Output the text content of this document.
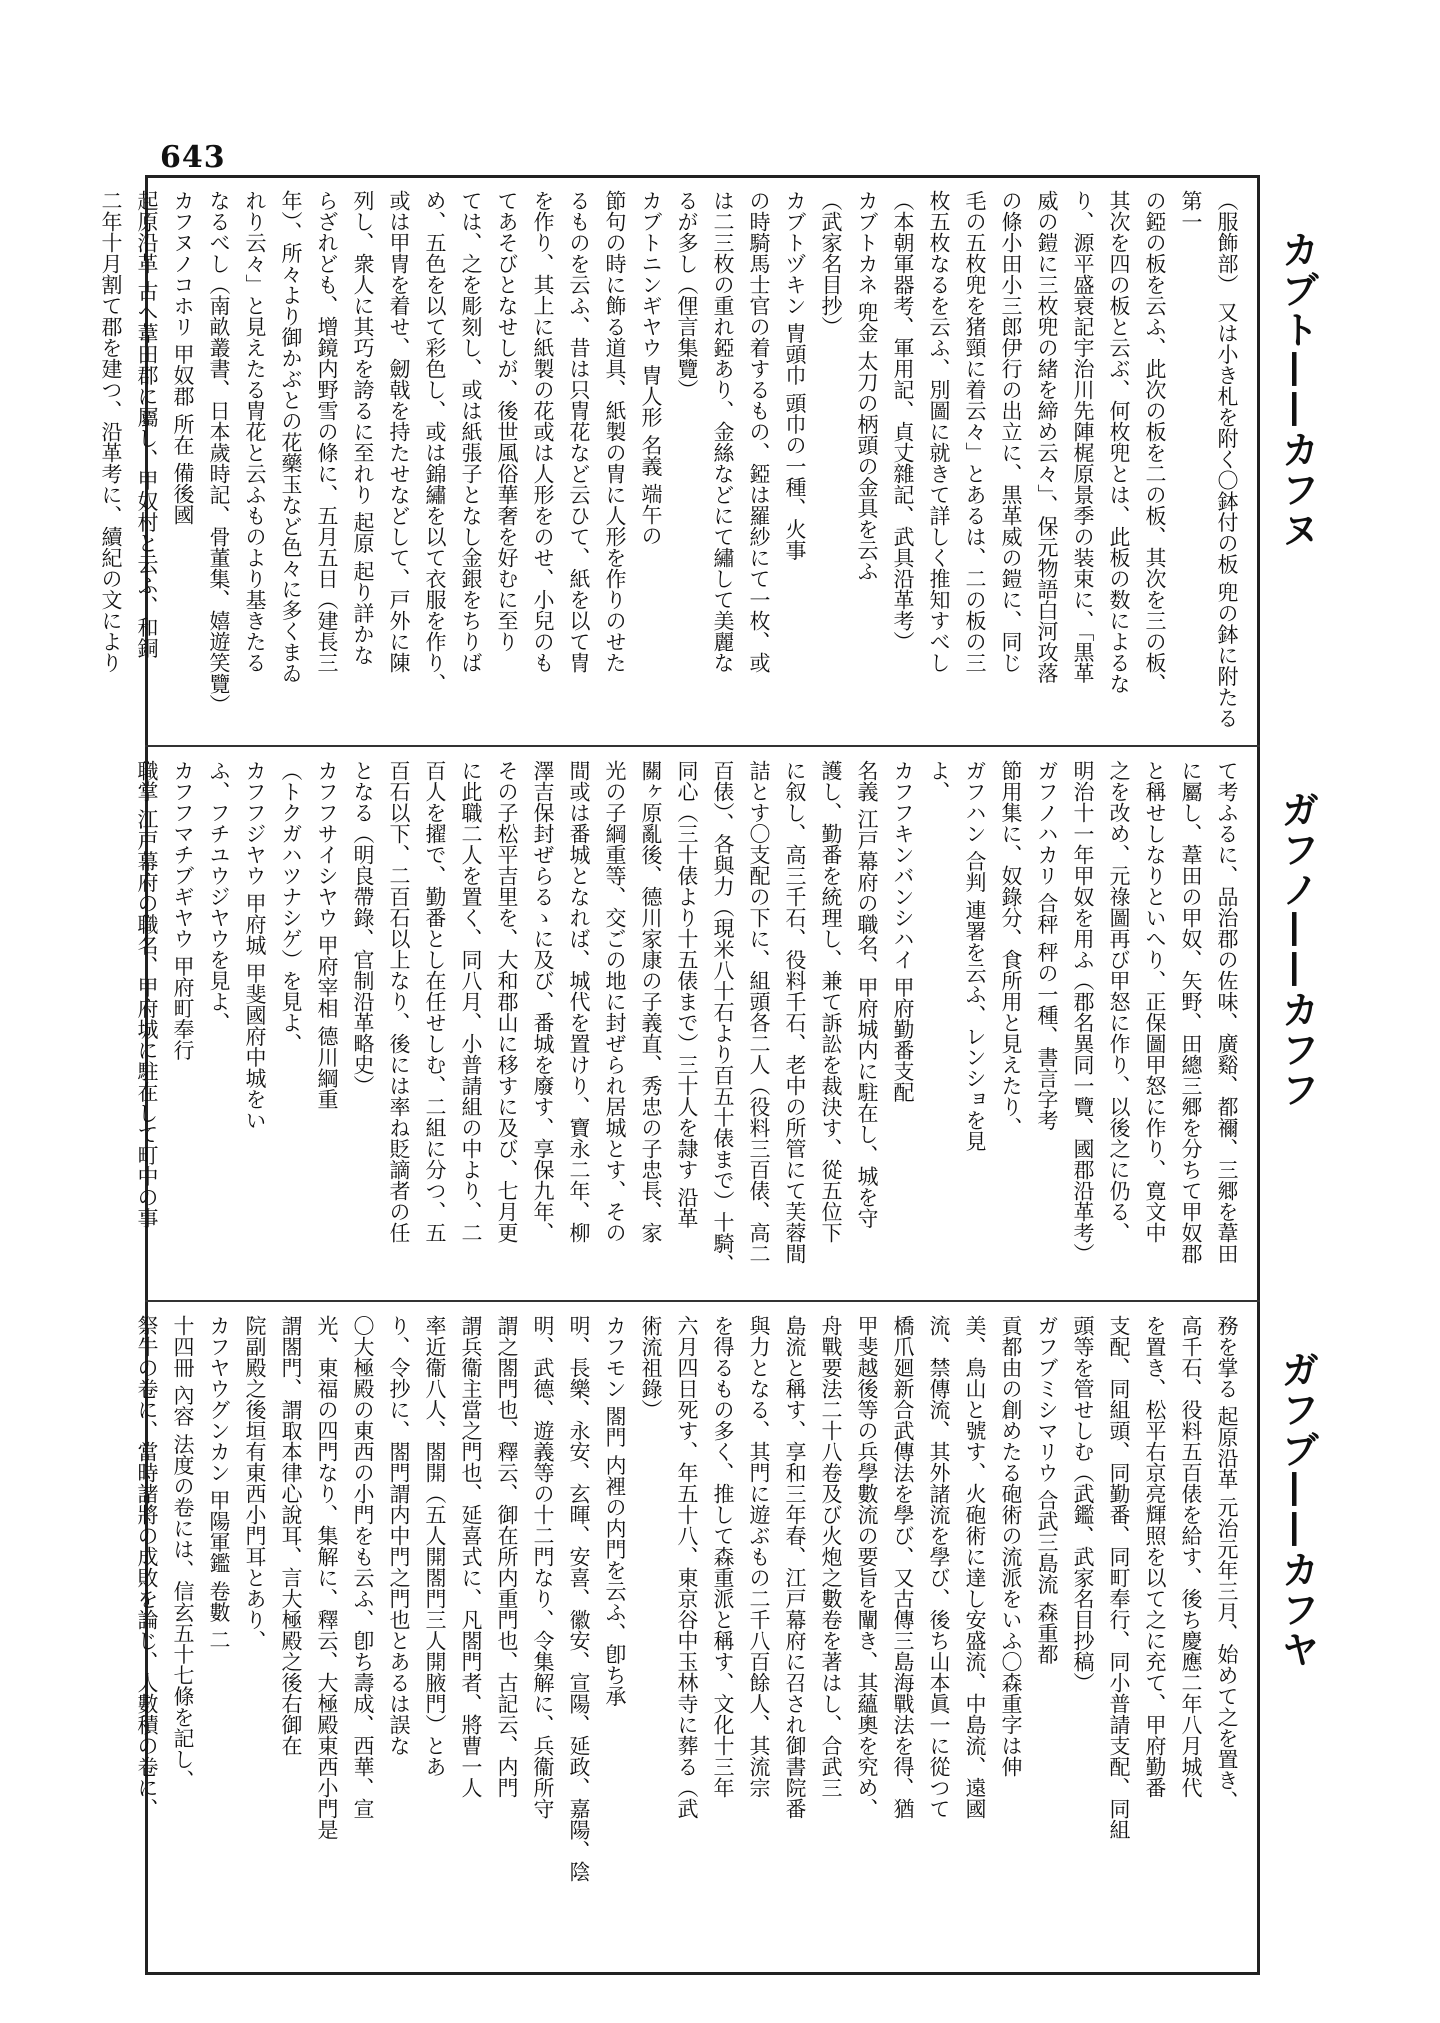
643
カブト——カフヌ
ガフノ——カフフ
ガフブ——カフヤ
（服飾部） 又は小き札を附く〇鉢付の板 兜の鉢に附たる第一
の錏の板を云ふ、此次の板を二の板、其次を三の板、
其次を四の板と云ぶ、何枚兜とは、此板の数によるな
り、源平盛衰記宇治川先陣梶原景季の装束に、「黒革
威の鎧に三枚兜の緒を締め云々」、保元物語白河攻落
の條小田小三郎伊行の出立に、黒革威の鎧に、同じ
毛の五枚兜を猪頸に着云々」とあるは、二の板の三
枚五枚なるを云ふ、別圖に就きて詳しく推知すべし
（本朝軍器考、軍用記、貞丈雜記、武具沿革考）
カブトカネ 兜金 太刀の柄頭の金具を云ふ
（武家名目抄）
カブトヅキン 冑頭巾 頭巾の一種、火事
の時騎馬士官の着するもの、錏は羅紗にて一枚、或
は二三枚の重れ錏あり、金絲などにて繡して美麗な
るが多し（俚言集覽）
カブトニンギヤウ 冑人形 名義 端午の
節句の時に飾る道具、紙製の冑に人形を作りのせた
るものを云ふ、昔は只冑花など云ひて、紙を以て冑
を作り、其上に紙製の花或は人形をのせ、小兒のも
てあそびとなせしが、後世風俗華奢を好むに至り
ては、之を彫刻し、或は紙張子となし金銀をちりば
め、五色を以て彩色し、或は錦繡を以て衣服を作り、
或は甲冑を着せ、劒戟を持たせなどして、戸外に陳
列し、衆人に其巧を誇るに至れり 起原 起り詳かな
らざれども、增鏡内野雪の條に、五月五日（建長三
年）、所々より御かぶとの花藥玉など色々に多くまゐ
れり云々」と見えたる冑花と云ふものより基きたる
なるべし（南畝叢書、日本歲時記、骨董集、嬉遊笑覽）
カフヌノコホリ 甲奴郡 所在 備後國
起原沿革 古へ葦田郡に屬し、甲奴村と云ふ、和銅
二年十月割て郡を建つ、沿革考に、續紀の文により
て考ふるに、品治郡の佐味、廣谿、都禰、三郷を葦田
に屬し、葦田の甲奴、矢野、田總三郷を分ちて甲奴郡
と稱せしなりといへり、正保圖甲怒に作り、寛文中
之を改め、元祿圖再び甲怒に作り、以後之に仍る、
明治十一年甲奴を用ふ（郡名異同一覽、國郡沿革考）
ガフノハカリ 合秤 秤の一種、書言字考
節用集に、奴錄分、食所用と見えたり、
ガフハン 合判 連署を云ふ、レンショを見
よ、
カフフキンバンシハイ 甲府勤番支配
名義 江戸幕府の職名、甲府城内に駐在し、城を守
護し、勤番を統理し、兼て訴訟を裁決す、從五位下
に叙し、高三千石、役料千石、老中の所管にて芙蓉間
詰とす〇支配の下に、組頭各二人（役料三百俵、高二
百俵）、各與力（現米八十石より百五十俵まで）十騎、
同心（三十俵より十五俵まで）三十人を隷す 沿革
關ヶ原亂後、德川家康の子義直、秀忠の子忠長、家
光の子綱重等、交ごの地に封ぜられ居城とす、その
間或は番城となれば、城代を置けり、寶永二年、柳
澤吉保封ぜらるゝに及び、番城を廢す、享保九年、
その子松平吉里を、大和郡山に移すに及び、七月更
に此職二人を置く、同八月、小普請組の中より、二
百人を擢で、勤番とし在任せしむ、二組に分つ、五
百石以下、二百石以上なり、後には率ね貶謫者の任
となる（明良帶錄、官制沿革略史）
カフフサイシヤウ 甲府宰相 德川綱重
（トクガハツナシゲ）を見よ、
カフフジヤウ 甲府城 甲斐國府中城をい
ふ、フチユウジヤウを見よ、
カフフマチブギヤウ 甲府町奉行
職掌 江戸幕府の職名、甲府城に駐在して町中の事
務を掌る 起原沿革 元治元年三月、始めて之を置き、
高千石、役料五百俵を給す、後ち慶應二年八月城代
を置き、松平右京亮輝照を以て之に充て、甲府勤番
支配、同組頭、同勤番、同町奉行、同小普請支配、同組
頭等を管せしむ（武鑑、武家名目抄稿）
ガフブミシマリウ 合武三島流 森重都
貢都由の創めたる砲術の流派をいふ〇森重字は伸
美、鳥山と號す、火砲術に達し安盛流、中島流、遠國
流、禁傳流、其外諸流を學び、後ち山本眞一に從つて
橋爪廻新合武傳法を學び、又古傳三島海戰法を得、猶
甲斐越後等の兵學數流の要旨を闡き、其蘊奧を究め、
舟戰要法二十八卷及び火炮之數卷を著はし、合武三
島流と稱す、享和三年春、江戸幕府に召され御書院番
與力となる、其門に遊ぶもの二千八百餘人、其流宗
を得るもの多く、推して森重派と稱す、文化十三年
六月四日死す、年五十八、東京谷中玉林寺に葬る（武
術流祖錄）
カフモン 閤門 内裡の内門を云ふ、卽ち承
明、長樂、永安、玄暉、安喜、徽安、宣陽、延政、嘉陽、陰
明、武德、遊義等の十二門なり、令集解に、兵衞所守
謂之閤門也、釋云、御在所内重門也、古記云、内門
謂兵衞主當之門也、延喜式に、凡閤門者、將曹一人
率近衞八人、閤開（五人開閤門三人開腋門）とあ
り、令抄に、閤門謂内中門之門也とあるは誤な
〇大極殿の東西の小門をも云ふ、卽ち壽成、西華、宣
光、東福の四門なり、集解に、釋云、大極殿東西小門是
謂閤門、謂取本律心說耳、言大極殿之後右御在
院副殿之後垣有東西小門耳とあり、
カフヤウグンカン 甲陽軍鑑 卷數 二
十四冊 內容 法度の卷には、信玄五十七條を記し、
祭牛の卷に、當時諸將の成敗を論じ、人數積の卷に、
